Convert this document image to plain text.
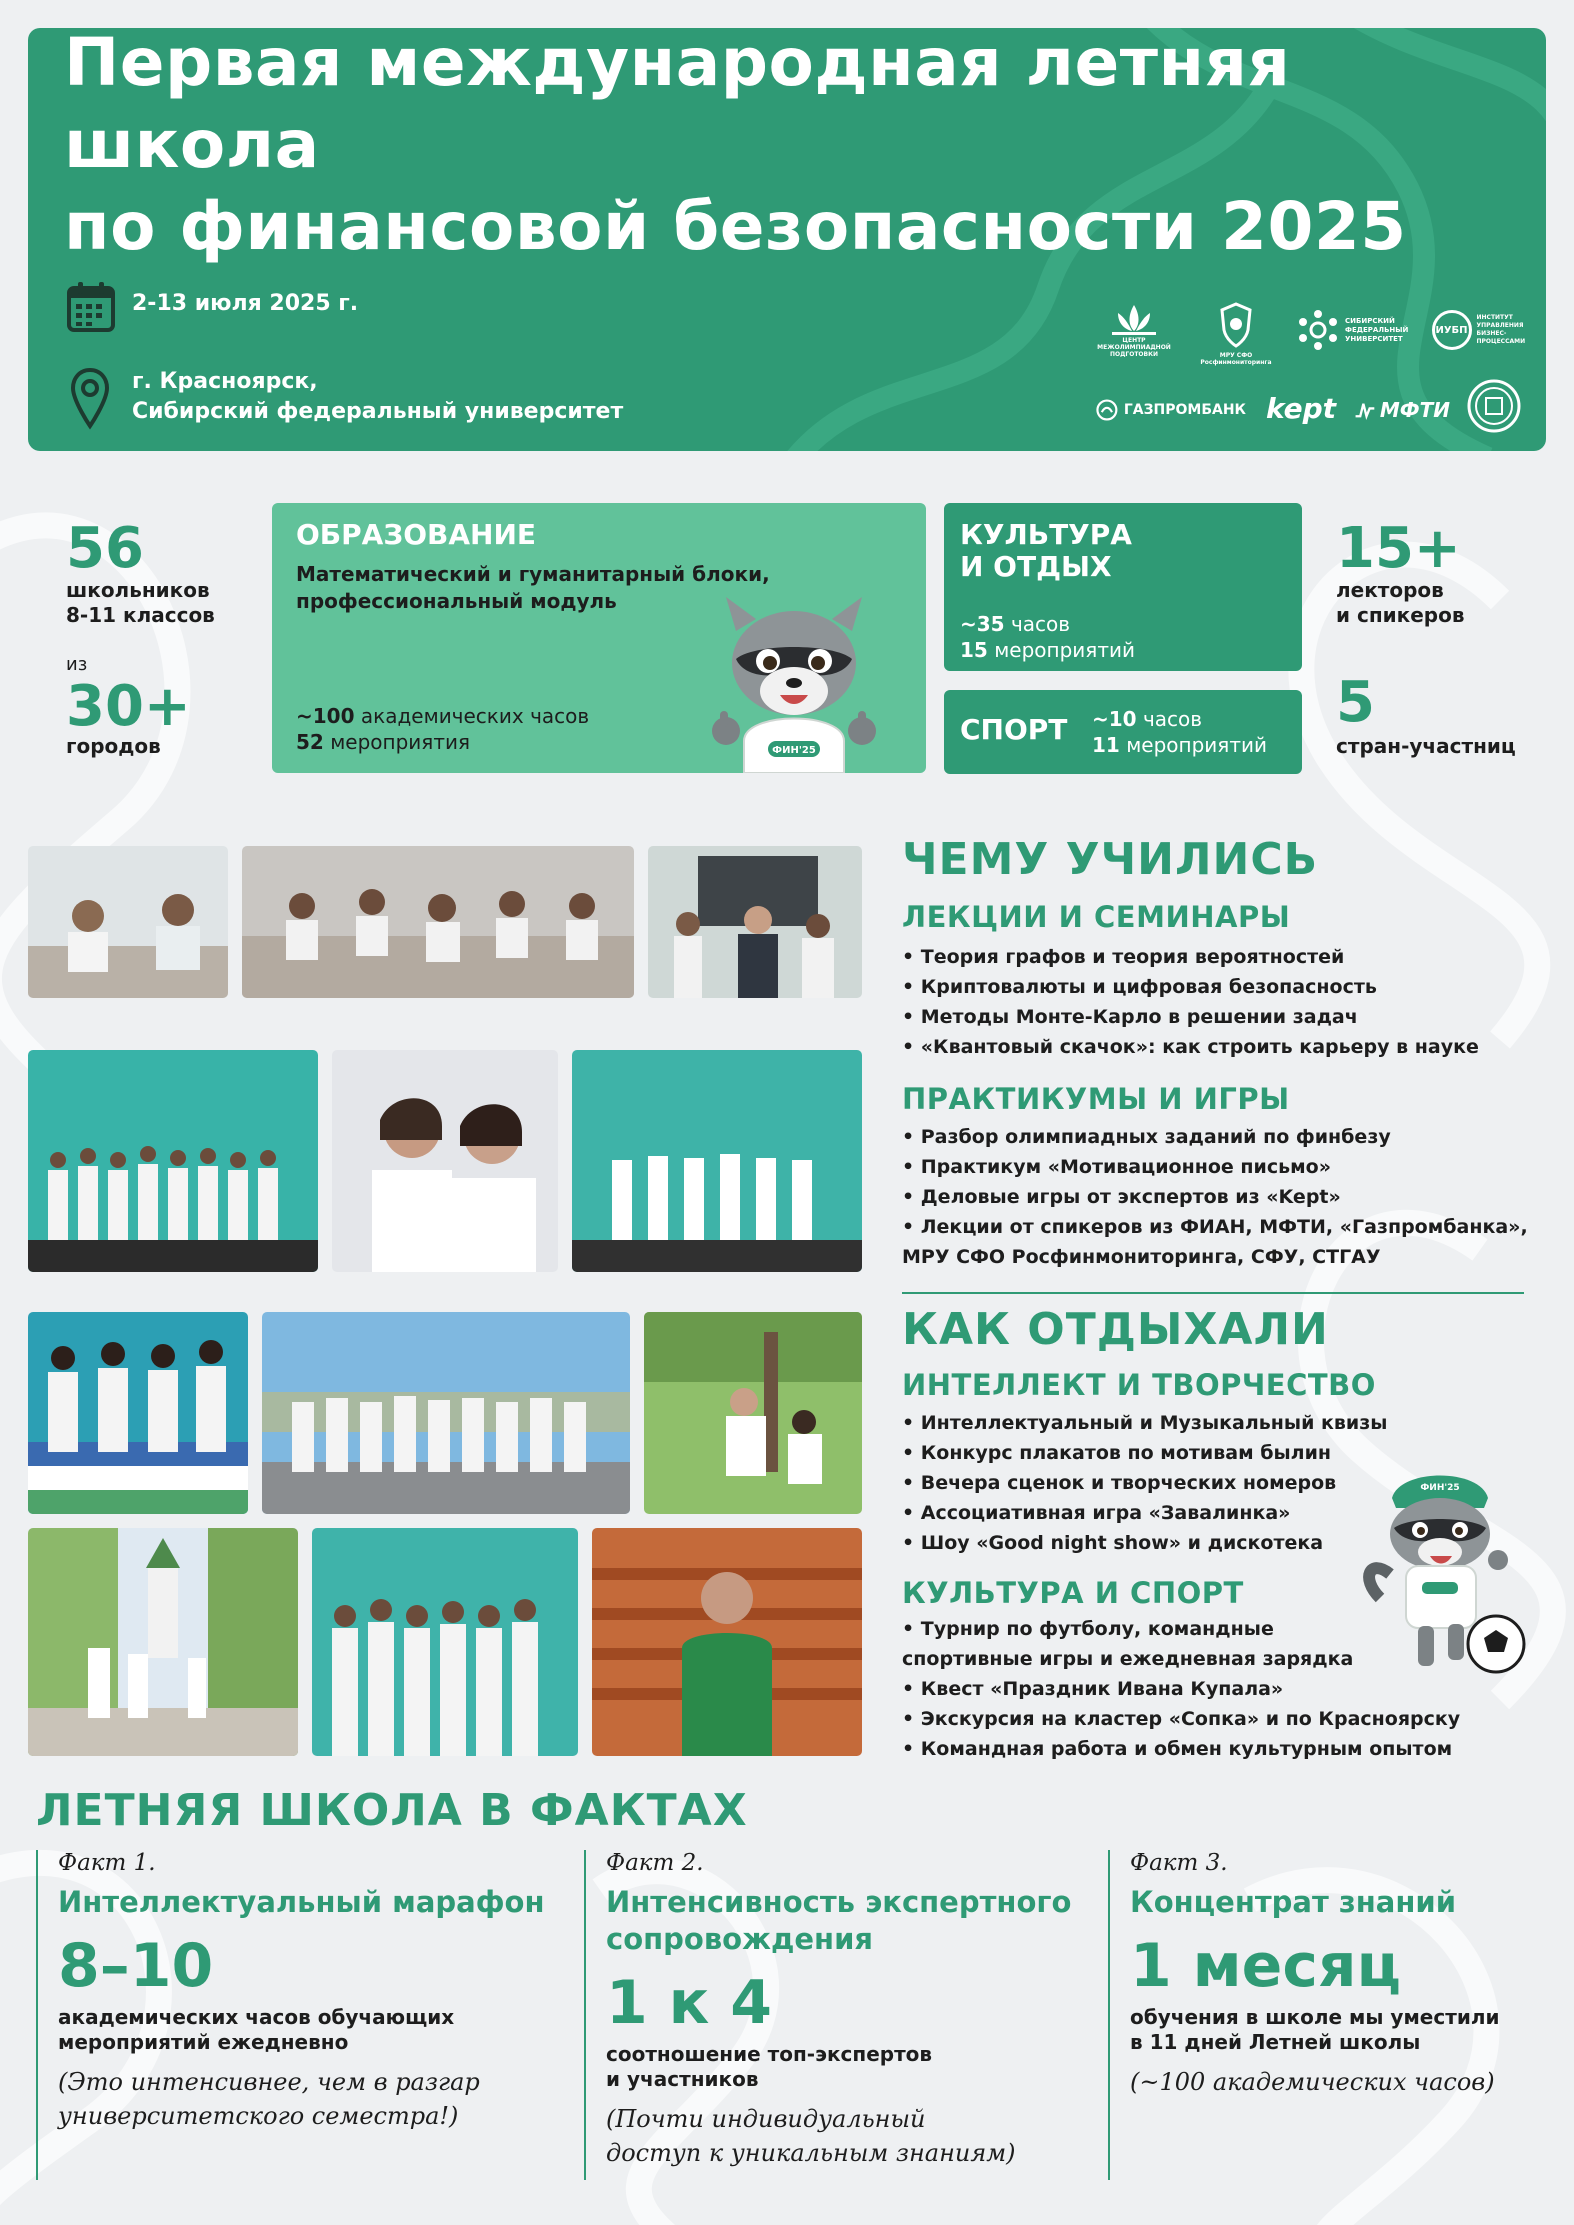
Первая международная летняя школа
по финансовой безопасности 2025
2-13 июля 2025 г.
г. Красноярск,
Сибирский федеральный университет
ЦЕНТР МЕЖОЛИМПИАДНОЙ ПОДГОТОВКИ	МРУ СФО Росфинмониторинга
СИБИРСКИЙ ФЕДЕРАЛЬНЫЙ УНИВЕРСИТЕТ
ИУБП
ИНСТИТУТ УПРАВЛЕНИЯ БИЗНЕС-ПРОЦЕССАМИ
ГАЗПРОМБАНК kept МФТИ
56
школьников
8-11 классов
из
30+
городов
ОБРАЗОВАНИЕ
Математический и гуманитарный блоки,
профессиональный модуль
~100 академических часов
52 мероприятия	ФИН'25
КУЛЬТУРА
И ОТДЫХ
~35 часов
15 мероприятий
СПОРТ ~10 часов
11 мероприятий
15+
лекторов
и спикеров
5
стран-участниц
ЧЕМУ УЧИЛИСЬ
ЛЕКЦИИ И СЕМИНАРЫ
• Теория графов и теория вероятностей
• Криптовалюты и цифровая безопасность
• Методы Монте-Карло в решении задач
• «Квантовый скачок»: как строить карьеру в науке
ПРАКТИКУМЫ И ИГРЫ
• Разбор олимпиадных заданий по финбезу
• Практикум «Мотивационное письмо»
• Деловые игры от экспертов из «Kept»
• Лекции от спикеров из ФИАН, МФТИ, «Газпромбанка»,
МРУ СФО Росфинмониторинга, СФУ, СТГАУ
КАК ОТДЫХАЛИ
ИНТЕЛЛЕКТ И ТВОРЧЕСТВО
• Интеллектуальный и Музыкальный квизы
• Конкурс плакатов по мотивам былин
• Вечера сценок и творческих номеров
• Ассоциативная игра «Завалинка»
• Шоу «Good night show» и дискотека
КУЛЬТУРА И СПОРТ
• Турнир по футболу, командные
спортивные игры и ежедневная зарядка
• Квест «Праздник Ивана Купала»
• Экскурсия на кластер «Сопка» и по Красноярску
• Командная работа и обмен культурным опытом
ФИН'25
ЛЕТНЯЯ ШКОЛА В ФАКТАХ
Факт 1.
Интеллектуальный марафон
8–10
академических часов обучающих
мероприятий ежедневно
(Это интенсивнее, чем в разгар
университетского семестра!)
Факт 2.
Интенсивность экспертного
сопровождения
1 к 4
соотношение топ-экспертов
и участников
(Почти индивидуальный
доступ к уникальным знаниям)
Факт 3.
Концентрат знаний
1 месяц
обучения в школе мы уместили
в 11 дней Летней школы
(~100 академических часов)
